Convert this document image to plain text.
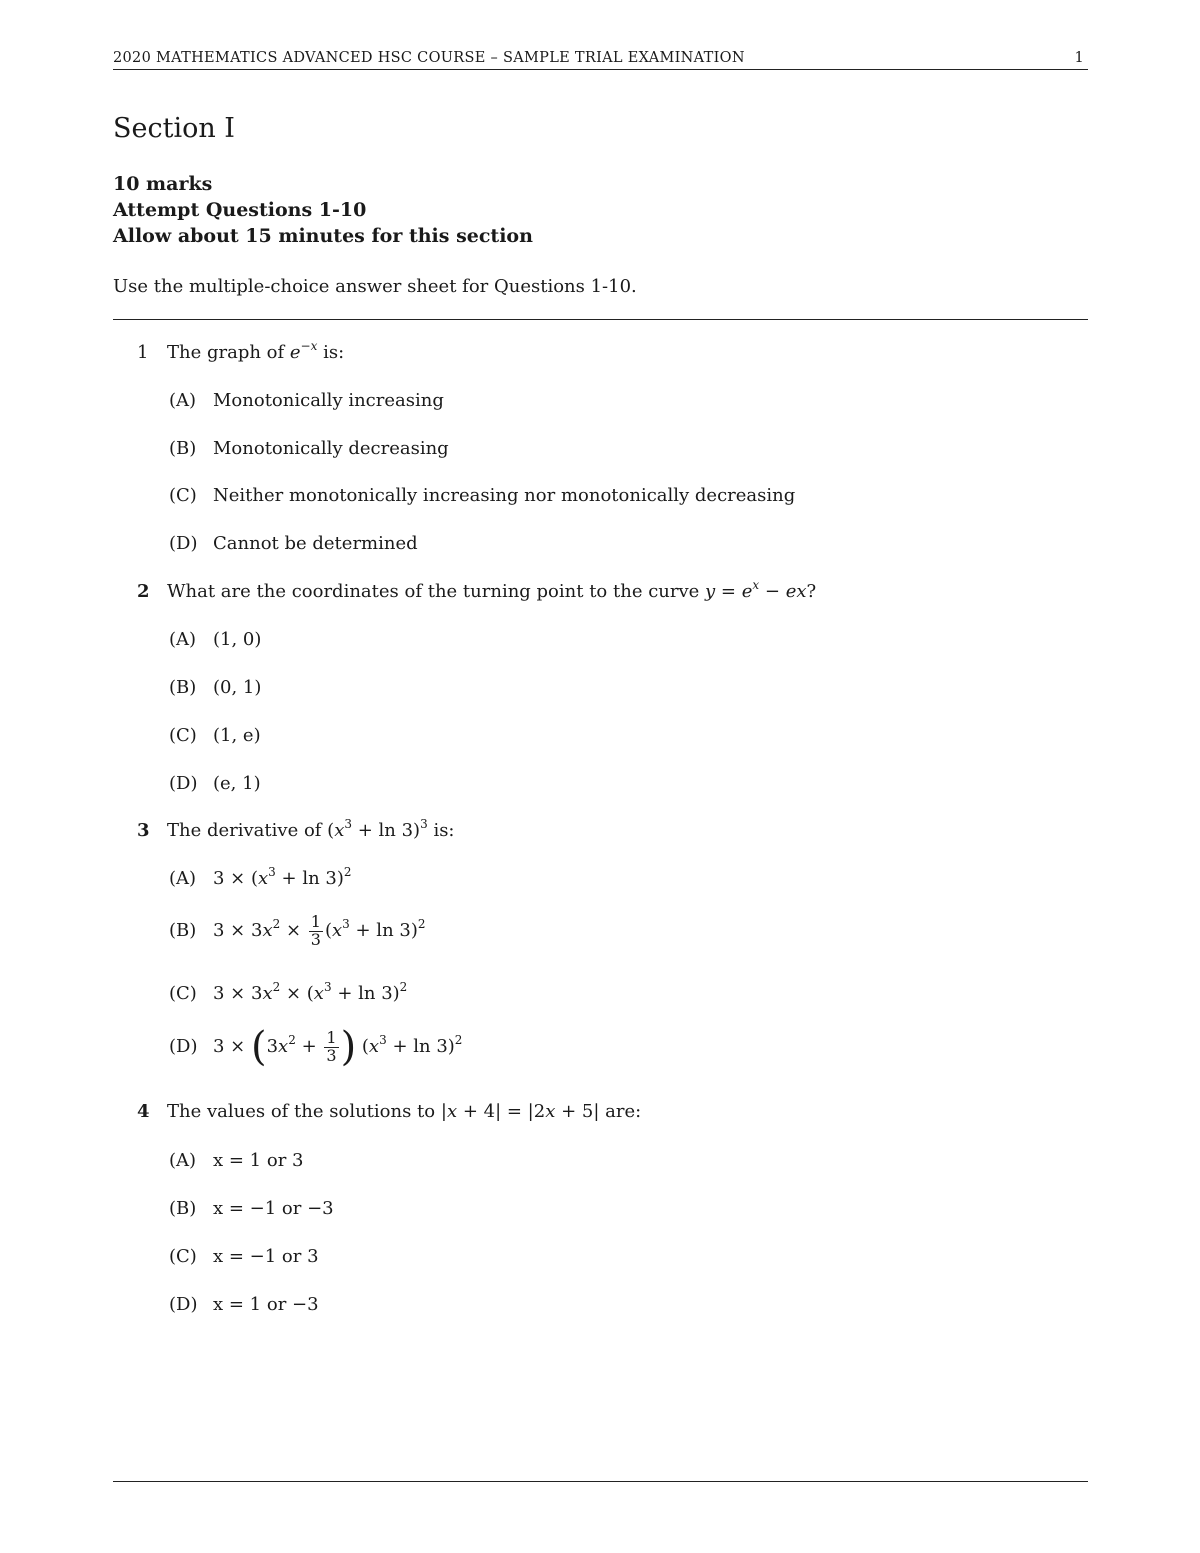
2020 MATHEMATICS ADVANCED HSC COURSE – SAMPLE TRIAL EXAMINATION	1
Section I
10 marks
Attempt Questions 1-10
Allow about 15 minutes for this section
Use the multiple-choice answer sheet for Questions 1-10.
1 The graph of $e^{-x}$ is:
(A) Monotonically increasing
(B) Monotonically decreasing
(C) Neither monotonically increasing nor monotonically decreasing
(D) Cannot be determined
2 What are the coordinates of the turning point to the curve $y = e^x$ − ex?
(A) (1, 0)
(B) (0, 1)
(C) (1, e)
(D) (e, 1)
3 The derivative of $(x^3 + \ln 3)^3$ is:
(A) $3 \times (x^3 + \ln 3)^2$
(B) $3 \times 3x^2 \times \frac{1}{3} (x^3 + \ln 3)^2$
(C) $3 \times 3x^2 \times (x^3 + \ln 3)^2$
(D) $3 \times (3x^2 + \frac{1}{3}$ ) $(x^3 + \ln 3)^2$
4 The values of the solutions to |x + 4| = |2x + 5| are:
(A) x = 1 or 3
(B) x = −1 or −3
(C) x = −1 or 3
(D) x = 1 or −3
